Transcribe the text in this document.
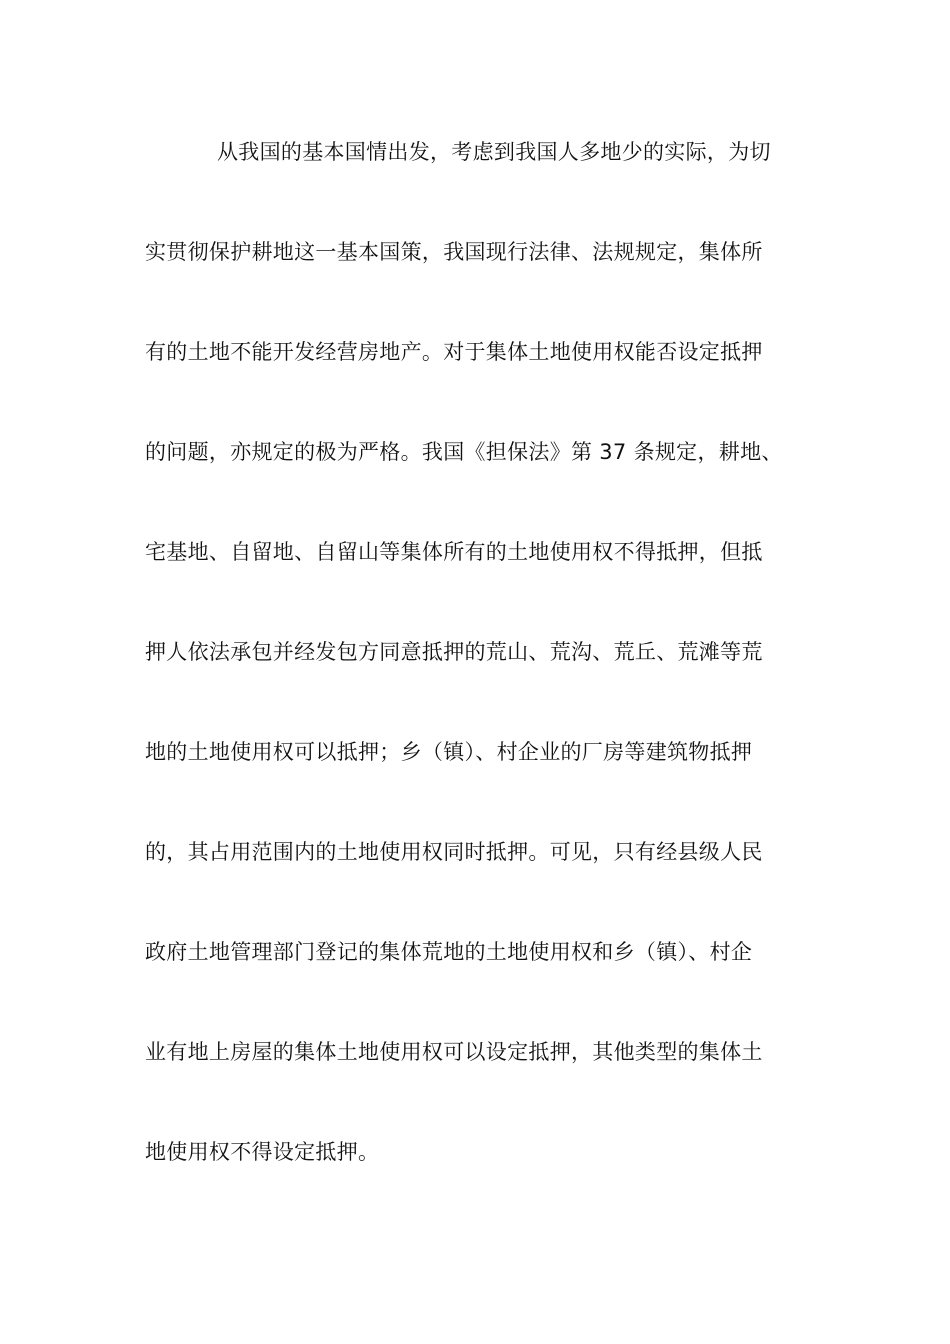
从我国的基本国情出发，考虑到我国人多地少的实际，为切
实贯彻保护耕地这一基本国策，我国现行法律、法规规定，集体所
有的土地不能开发经营房地产。对于集体土地使用权能否设定抵押
的问题，亦规定的极为严格。我国《担保法》第 37 条规定，耕地、
宅基地、自留地、自留山等集体所有的土地使用权不得抵押，但抵
押人依法承包并经发包方同意抵押的荒山、荒沟、荒丘、荒滩等荒
地的土地使用权可以抵押；乡（镇）、村企业的厂房等建筑物抵押
的，其占用范围内的土地使用权同时抵押。可见，只有经县级人民
政府土地管理部门登记的集体荒地的土地使用权和乡（镇）、村企
业有地上房屋的集体土地使用权可以设定抵押，其他类型的集体土
地使用权不得设定抵押。
